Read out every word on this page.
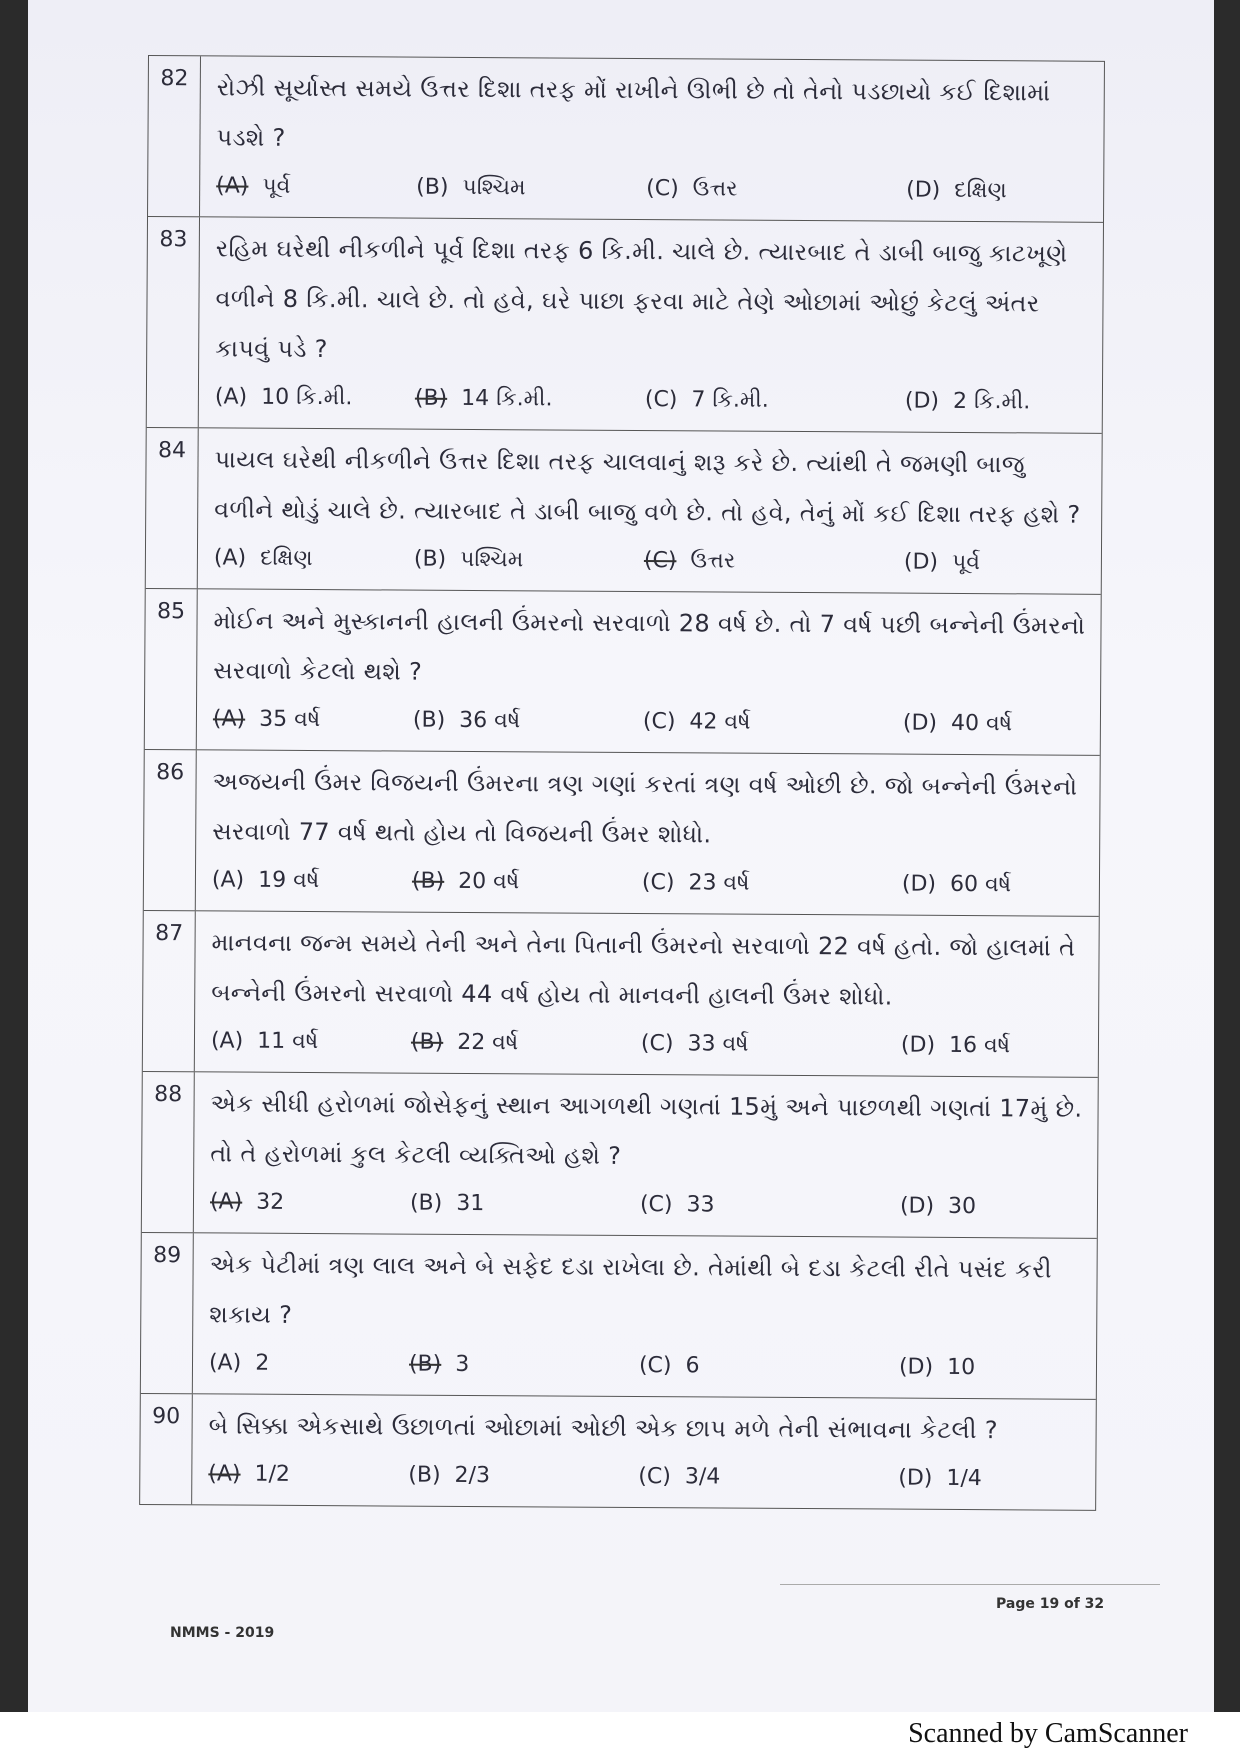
82	રોઝી સૂર્યાસ્ત સમયે ઉત્તર દિશા તરફ મોં રાખીને ઊભી છે તો તેનો પડછાયો કઈ દિશામાં પડશે ?
(A) પૂર્વ	(B) પશ્ચિમ	(C) ઉત્તર	(D) દક્ષિણ
83	રહિમ ઘરેથી નીકળીને પૂર્વ દિશા તરફ 6 કિ.મી. ચાલે છે. ત્યારબાદ તે ડાબી બાજુ કાટખૂણે વળીને 8 કિ.મી. ચાલે છે. તો હવે, ઘરે પાછા ફરવા માટે તેણે ઓછામાં ઓછું કેટલું અંતર કાપવું પડે ?
(A) 10 કિ.મી.	(B) 14 કિ.મી.	(C) 7 કિ.મી.	(D) 2 કિ.મી.
84	પાયલ ઘરેથી નીકળીને ઉત્તર દિશા તરફ ચાલવાનું શરૂ કરે છે. ત્યાંથી તે જમણી બાજુ વળીને થોડું ચાલે છે. ત્યારબાદ તે ડાબી બાજુ વળે છે. તો હવે, તેનું મોં કઈ દિશા તરફ હશે ?
(A) દક્ષિણ	(B) પશ્ચિમ	(C) ઉત્તર	(D) પૂર્વ
85	મોઈન અને મુસ્કાનની હાલની ઉંમરનો સરવાળો 28 વર્ષ છે. તો 7 વર્ષ પછી બન્નેની ઉંમરનો સરવાળો કેટલો થશે ?
(A) 35 વર્ષ	(B) 36 વર્ષ	(C) 42 વર્ષ	(D) 40 વર્ષ
86	અજયની ઉંમર વિજયની ઉંમરના ત્રણ ગણાં કરતાં ત્રણ વર્ષ ઓછી છે. જો બન્નેની ઉંમરનો સરવાળો 77 વર્ષ થતો હોય તો વિજયની ઉંમર શોધો.
(A) 19 વર્ષ	(B) 20 વર્ષ	(C) 23 વર્ષ	(D) 60 વર્ષ
87	માનવના જન્મ સમયે તેની અને તેના પિતાની ઉંમરનો સરવાળો 22 વર્ષ હતો. જો હાલમાં તે બન્નેની ઉંમરનો સરવાળો 44 વર્ષ હોય તો માનવની હાલની ઉંમર શોધો.
(A) 11 વર્ષ	(B) 22 વર્ષ	(C) 33 વર્ષ	(D) 16 વર્ષ
88	એક સીધી હરોળમાં જોસેફનું સ્થાન આગળથી ગણતાં 15મું અને પાછળથી ગણતાં 17મું છે. તો તે હરોળમાં કુલ કેટલી વ્યક્તિઓ હશે ?
(A) 32	(B) 31	(C) 33	(D) 30
89	એક પેટીમાં ત્રણ લાલ અને બે સફેદ દડા રાખેલા છે. તેમાંથી બે દડા કેટલી રીતે પસંદ કરી શકાય ?
(A) 2	(B) 3	(C) 6	(D) 10
90	બે સિક્કા એકસાથે ઉછાળતાં ઓછામાં ઓછી એક છાપ મળે તેની સંભાવના કેટલી ?
(A) 1/2	(B) 2/3	(C) 3/4	(D) 1/4
NMMS - 2019
Page 19 of 32
Scanned by CamScanner
